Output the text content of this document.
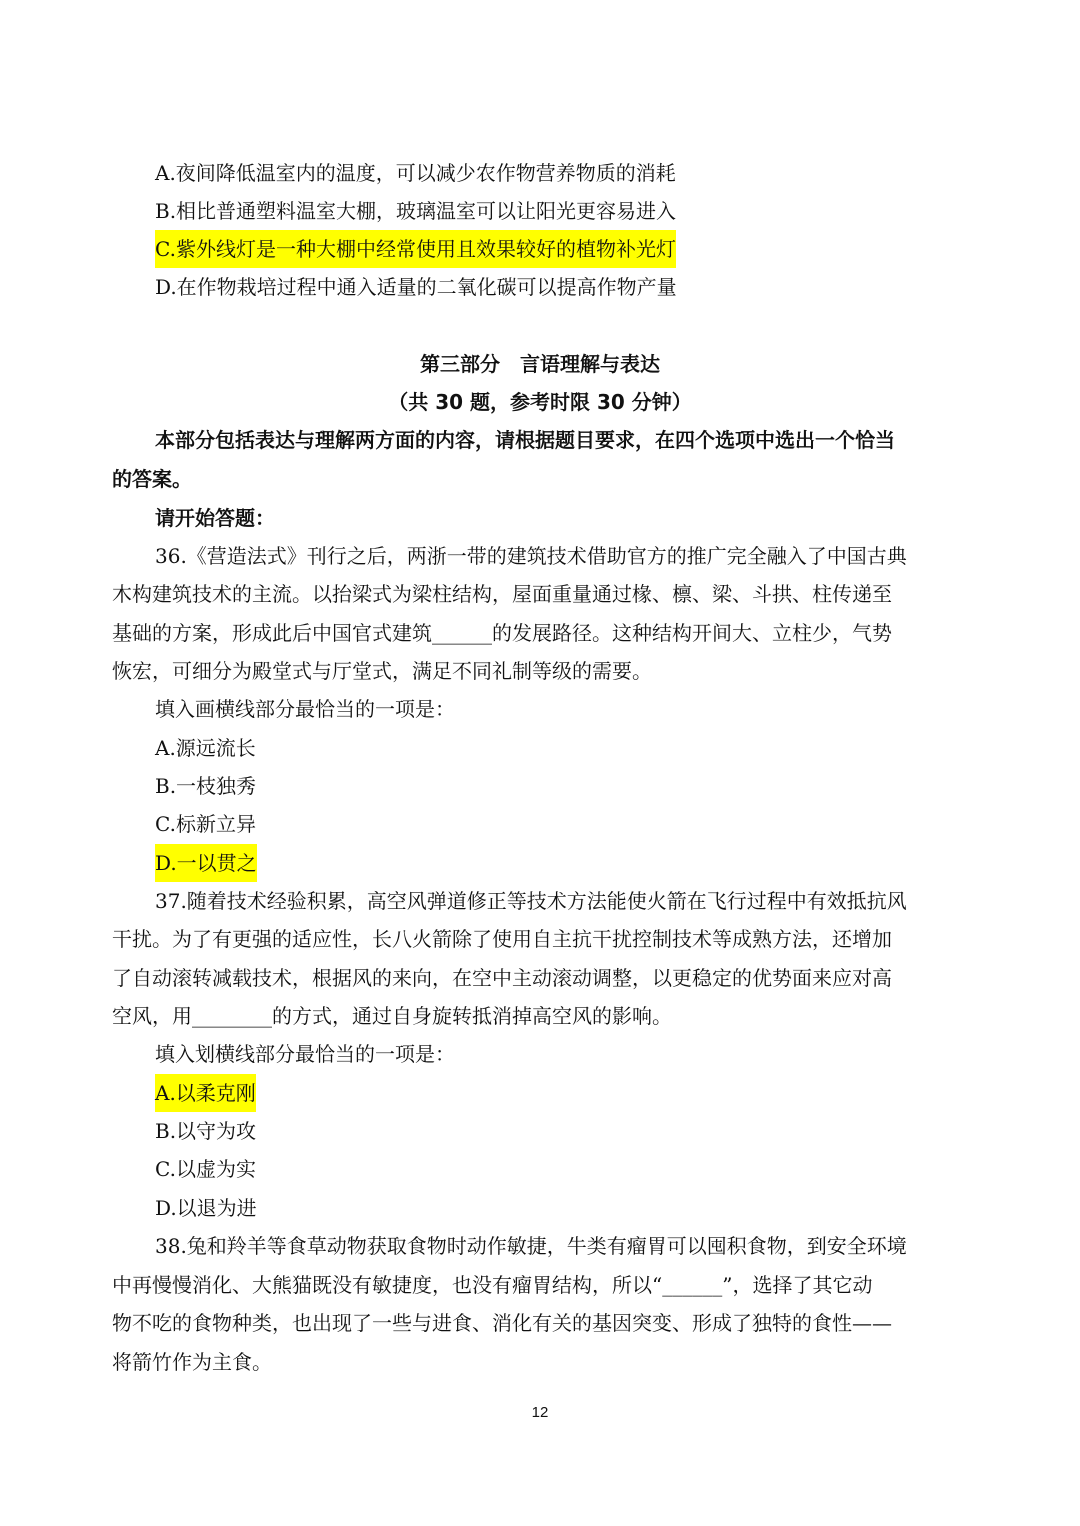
A.夜间降低温室内的温度，可以减少农作物营养物质的消耗
B.相比普通塑料温室大棚，玻璃温室可以让阳光更容易进入
C.紫外线灯是一种大棚中经常使用且效果较好的植物补光灯
D.在作物栽培过程中通入适量的二氧化碳可以提高作物产量
第三部分　言语理解与表达
（共 30 题，参考时限 30 分钟）
本部分包括表达与理解两方面的内容，请根据题目要求，在四个选项中选出一个恰当
的答案。
请开始答题：
36.《营造法式》刊行之后，两浙一带的建筑技术借助官方的推广完全融入了中国古典
木构建筑技术的主流。以抬梁式为梁柱结构，屋面重量通过椽、檩、梁、斗拱、柱传递至
基础的方案，形成此后中国官式建筑______的发展路径。这种结构开间大、立柱少，气势
恢宏，可细分为殿堂式与厅堂式，满足不同礼制等级的需要。
填入画横线部分最恰当的一项是：
A.源远流长
B.一枝独秀
C.标新立异
D.一以贯之
37.随着技术经验积累，高空风弹道修正等技术方法能使火箭在飞行过程中有效抵抗风
干扰。为了有更强的适应性，长八火箭除了使用自主抗干扰控制技术等成熟方法，还增加
了自动滚转减载技术，根据风的来向，在空中主动滚动调整，以更稳定的优势面来应对高
空风，用________的方式，通过自身旋转抵消掉高空风的影响。
填入划横线部分最恰当的一项是：
A.以柔克刚
B.以守为攻
C.以虚为实
D.以退为进
38.兔和羚羊等食草动物获取食物时动作敏捷，牛类有瘤胃可以囤积食物，到安全环境
中再慢慢消化、大熊猫既没有敏捷度，也没有瘤胃结构，所以“______”，选择了其它动
物不吃的食物种类，也出现了一些与进食、消化有关的基因突变、形成了独特的食性——
将箭竹作为主食。
12
